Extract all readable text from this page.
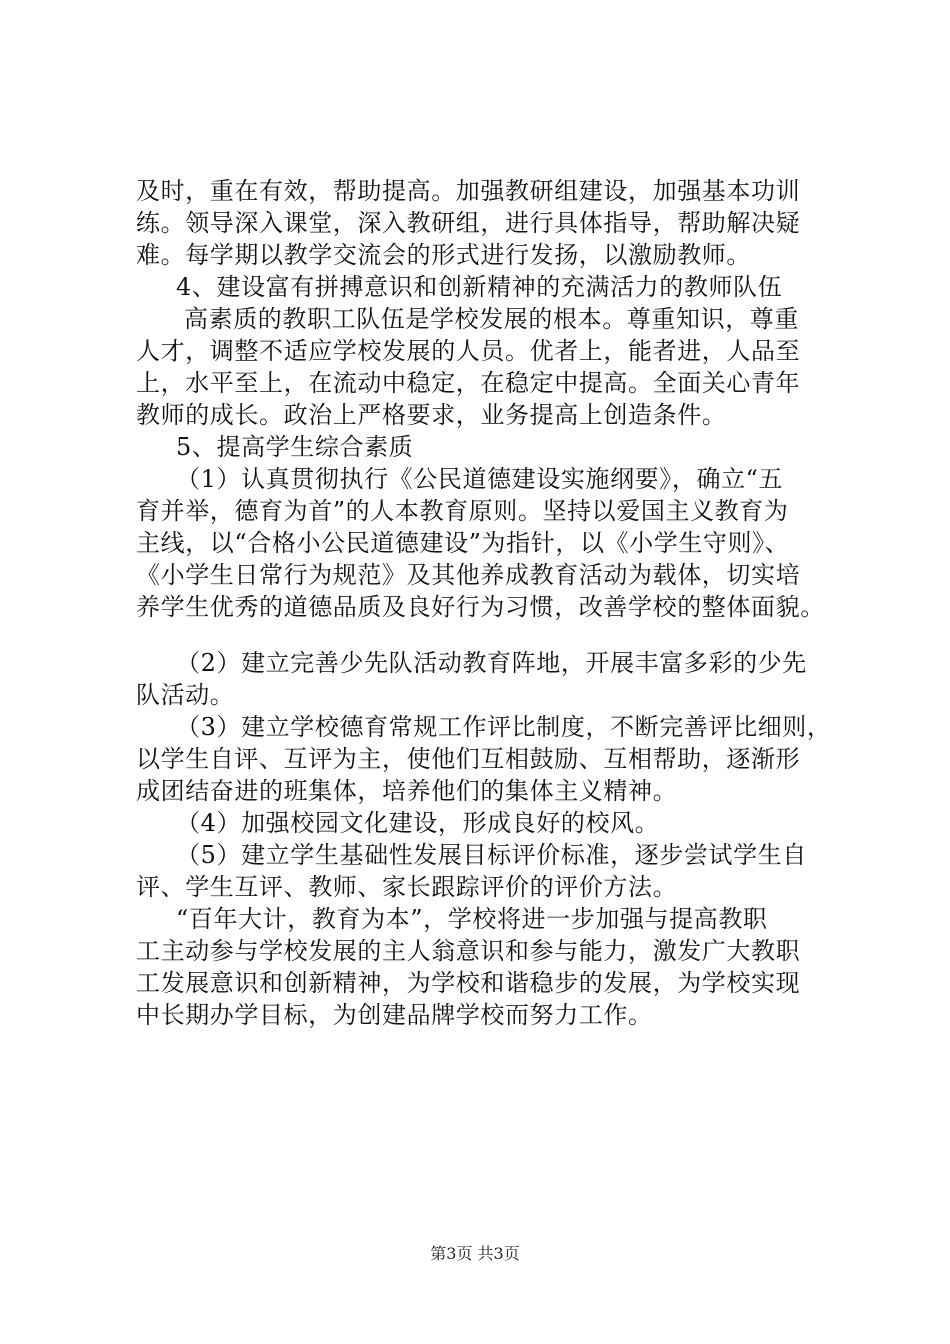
及时，重在有效，帮助提高。加强教研组建设，加强基本功训
练。领导深入课堂，深入教研组，进行具体指导，帮助解决疑
难。每学期以教学交流会的形式进行发扬，以激励教师。
4、建设富有拼搏意识和创新精神的充满活力的教师队伍
高素质的教职工队伍是学校发展的根本。尊重知识，尊重
人才，调整不适应学校发展的人员。优者上，能者进，人品至
上，水平至上，在流动中稳定，在稳定中提高。全面关心青年
教师的成长。政治上严格要求，业务提高上创造条件。
5、提高学生综合素质
（1）认真贯彻执行《公民道德建设实施纲要》，确立“五
育并举，德育为首”的人本教育原则。坚持以爱国主义教育为
主线，以“合格小公民道德建设”为指针，以《小学生守则》、
《小学生日常行为规范》及其他养成教育活动为载体，切实培
养学生优秀的道德品质及良好行为习惯，改善学校的整体面貌。
（2）建立完善少先队活动教育阵地，开展丰富多彩的少先
队活动。
（3）建立学校德育常规工作评比制度，不断完善评比细则，
以学生自评、互评为主，使他们互相鼓励、互相帮助，逐渐形
成团结奋进的班集体，培养他们的集体主义精神。
（4）加强校园文化建设，形成良好的校风。
（5）建立学生基础性发展目标评价标准，逐步尝试学生自
评、学生互评、教师、家长跟踪评价的评价方法。
“百年大计，教育为本”，学校将进一步加强与提高教职
工主动参与学校发展的主人翁意识和参与能力，激发广大教职
工发展意识和创新精神，为学校和谐稳步的发展，为学校实现
中长期办学目标，为创建品牌学校而努力工作。
第3页 共3页
